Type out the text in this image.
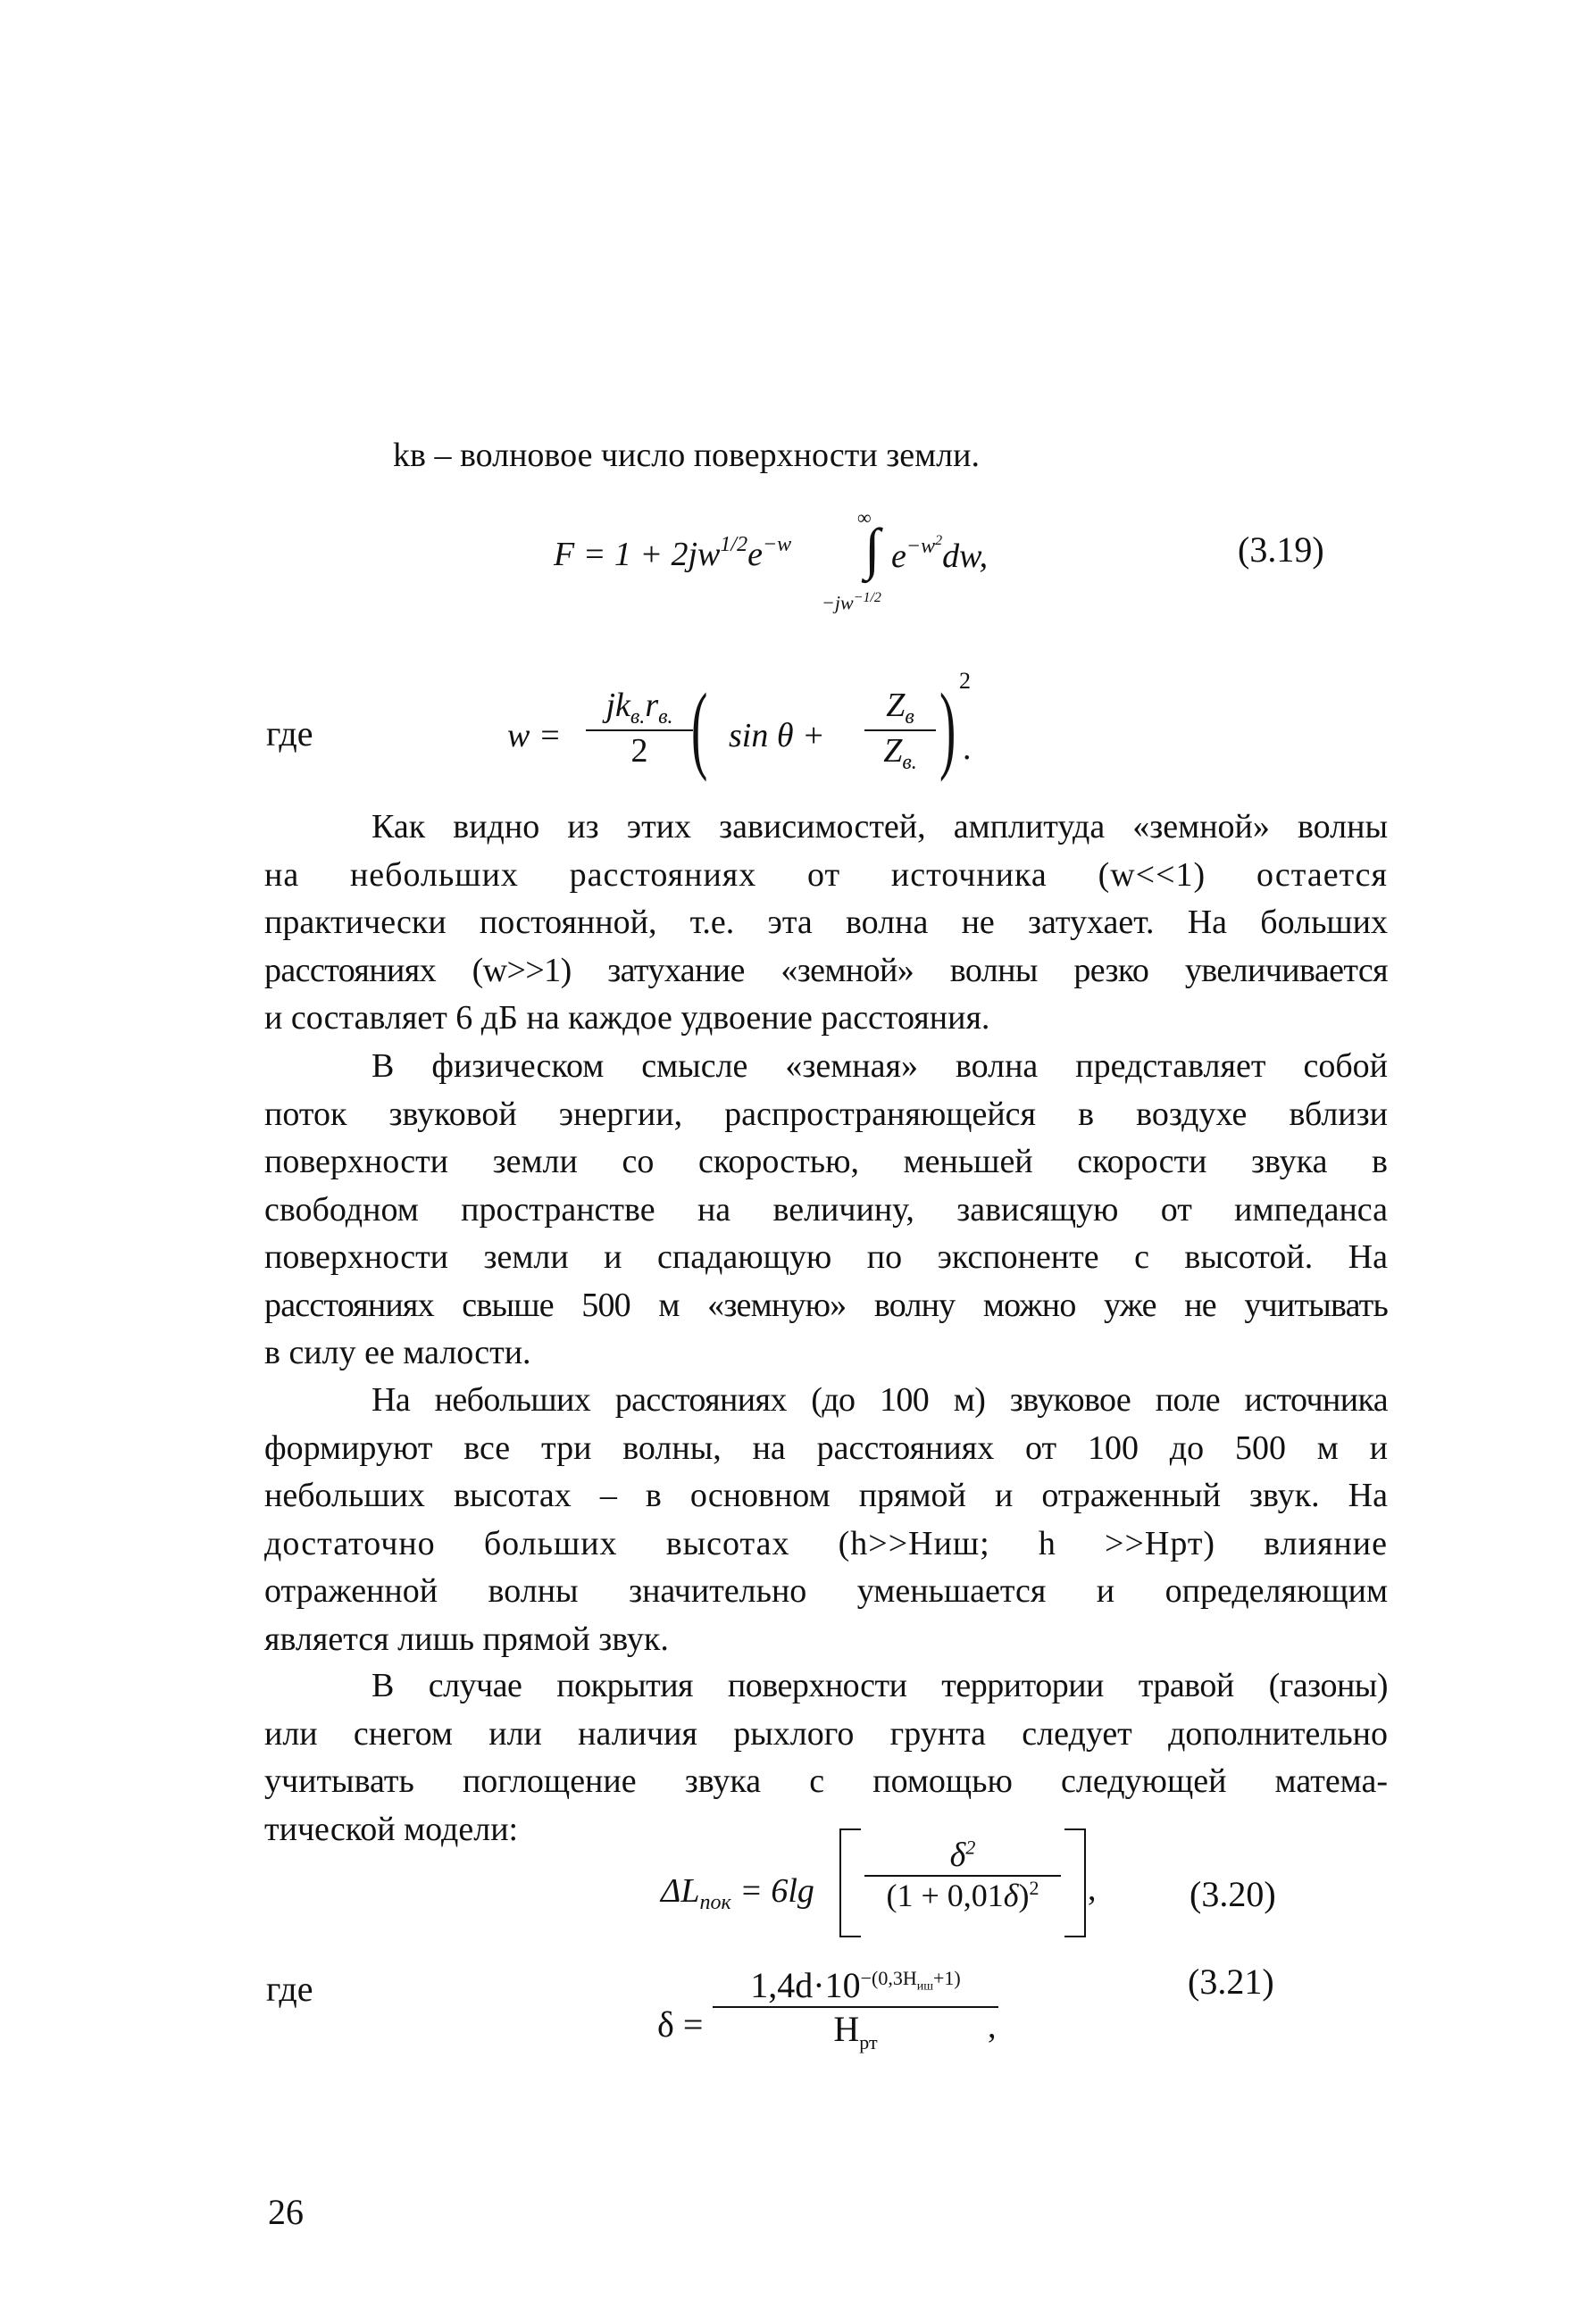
kв – волновое число поверхности земли.
$F = 1 + 2jw^{1/2}e^{-w}$
∞
∫ $e^{-w^2}dw$,
$-jw^{-1/2}$
(3.19)
где	w =
$jk_{в.}r_{в.}$
2 ( sin θ +
$Z_в$
$Z_{в.}$ ) 2
.
Как видно из этих зависимостей, амплитуда «земной» волны
на небольших расстояниях от источника (w<<1) остается
практически постоянной, т.е. эта волна не затухает. На больших
расстояниях (w>>1) затухание «земной» волны резко увеличивается
и составляет 6 дБ на каждое удвоение расстояния.
В физическом смысле «земная» волна представляет собой
поток звуковой энергии, распространяющейся в воздухе вблизи
поверхности земли со скоростью, меньшей скорости звука в
свободном пространстве на величину, зависящую от импеданса
поверхности земли и спадающую по экспоненте с высотой. На
расстояниях свыше 500 м «земную» волну можно уже не учитывать
в силу ее малости.
На небольших расстояниях (до 100 м) звуковое поле источника
формируют все три волны, на расстояниях от 100 до 500 м и
небольших высотах – в основном прямой и отраженный звук. На
достаточно больших высотах (h>>Hиш; h >>Hрт) влияние
отраженной волны значительно уменьшается и определяющим
является лишь прямой звук.
В случае покрытия поверхности территории травой (газоны)
или снегом или наличия рыхлого грунта следует дополнительно
учитывать поглощение звука с помощью следующей матема-
тической модели:
$\Delta L_{пок} = 6\lg$
$\delta^2$
$(1 + 0,01\delta)^2$	,	(3.20)
где
δ =
$1,4d\cdot 10^{-(0,3H_{иш}+1)}$
$H_{рт}$	,
(3.21)
26
